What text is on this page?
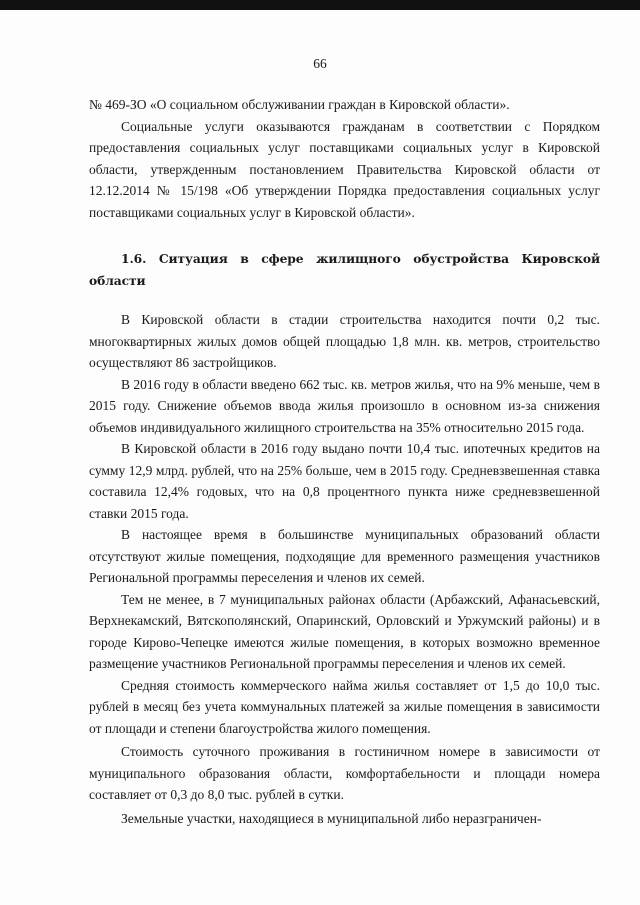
66

№ 469-ЗО «О социальном обслуживании граждан в Кировской области».

Социальные услуги оказываются гражданам в соответствии с Порядком предоставления социальных услуг поставщиками социальных услуг в Кировской области, утвержденным постановлением Правительства Кировской области от 12.12.2014 № 15/198 «Об утверждении Порядка предоставления социальных услуг поставщиками социальных услуг в Кировской области».

1.6. Ситуация в сфере жилищного обустройства Кировской области

В Кировской области в стадии строительства находится почти 0,2 тыс. многоквартирных жилых домов общей площадью 1,8 млн. кв. метров, строительство осуществляют 86 застройщиков.

В 2016 году в области введено 662 тыс. кв. метров жилья, что на 9% меньше, чем в 2015 году. Снижение объемов ввода жилья произошло в основном из-за снижения объемов индивидуального жилищного строительства на 35% относительно 2015 года.

В Кировской области в 2016 году выдано почти 10,4 тыс. ипотечных кредитов на сумму 12,9 млрд. рублей, что на 25% больше, чем в 2015 году. Средневзвешенная ставка составила 12,4% годовых, что на 0,8 процентного пункта ниже средневзвешенной ставки 2015 года.

В настоящее время в большинстве муниципальных образований области отсутствуют жилые помещения, подходящие для временного размещения участников Региональной программы переселения и членов их семей.

Тем не менее, в 7 муниципальных районах области (Арбажский, Афанасьевский, Верхнекамский, Вятскополянский, Опаринский, Орловский и Уржумский районы) и в городе Кирово-Чепецке имеются жилые помещения, в которых возможно временное размещение участников Региональной программы переселения и членов их семей.

Средняя стоимость коммерческого найма жилья составляет от 1,5 до 10,0 тыс. рублей в месяц без учета коммунальных платежей за жилые помещения в зависимости от площади и степени благоустройства жилого помещения.

Стоимость суточного проживания в гостиничном номере в зависимости от муниципального образования области, комфортабельности и площади номера составляет от 0,3 до 8,0 тыс. рублей в сутки.

Земельные участки, находящиеся в муниципальной либо неразграничен-
